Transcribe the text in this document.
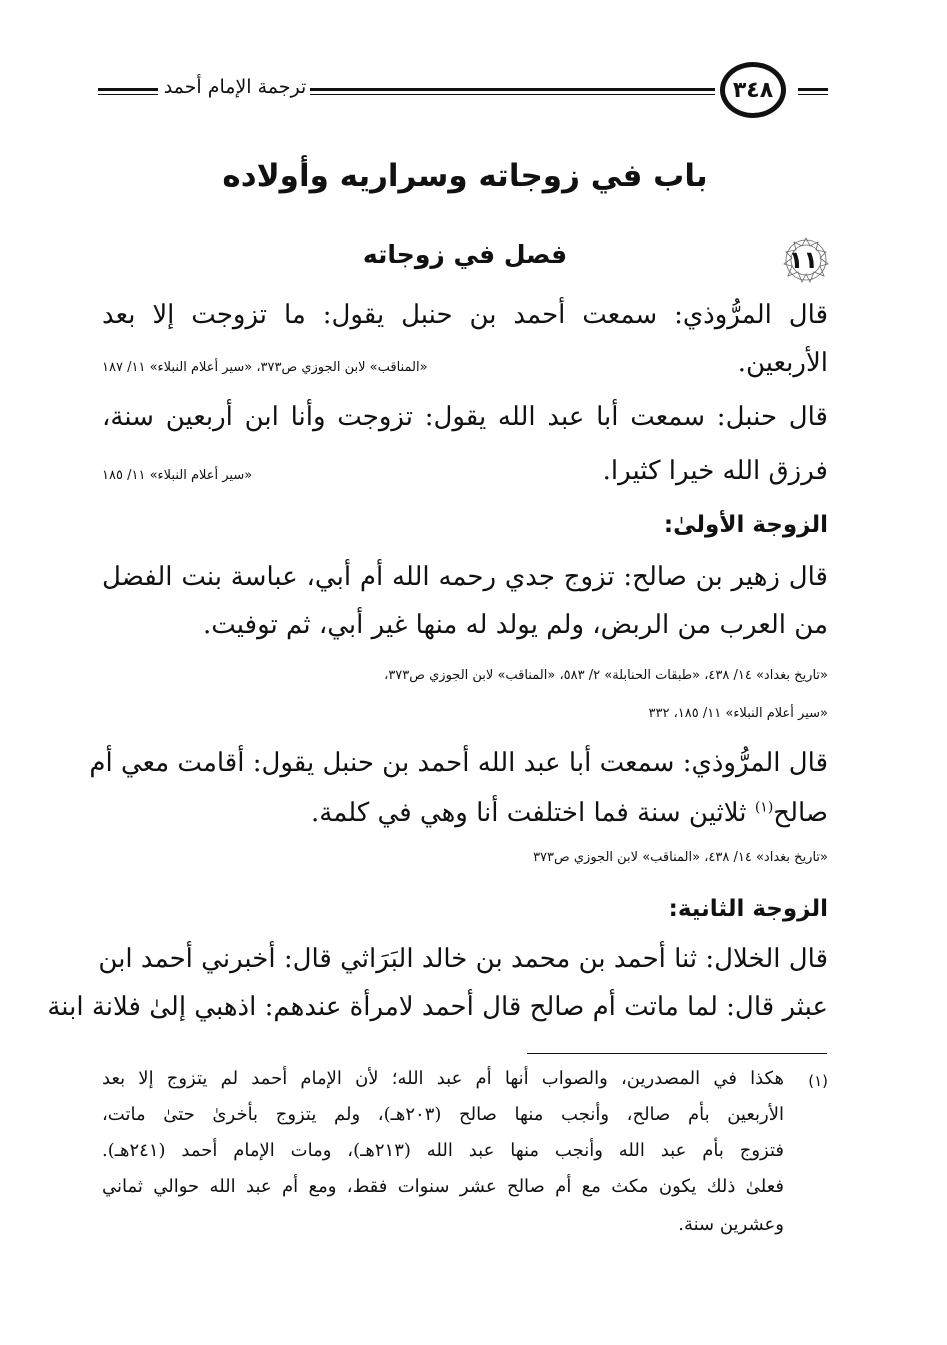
ترجمة الإمام أحمد	٣٤٨
باب في زوجاته وسراريه وأولاده
فصل في زوجاته	١١
قال المرُّوذي: سمعت أحمد بن حنبل يقول: ما تزوجت إلا بعد
الأربعين.
«المناقب» لابن الجوزي ص٣٧٣، «سير أعلام النبلاء» ١١/ ١٨٧
قال حنبل: سمعت أبا عبد الله يقول: تزوجت وأنا ابن أربعين سنة،
فرزق الله خيرا كثيرا.
«سير أعلام النبلاء» ١١/ ١٨٥
الزوجة الأولىٰ:
قال زهير بن صالح: تزوج جدي رحمه الله أم أبي، عباسة بنت الفضل
من العرب من الربض، ولم يولد له منها غير أبي، ثم توفيت.
«تاريخ بغداد» ١٤/ ٤٣٨، «طبقات الحنابلة» ٢/ ٥٨٣، «المناقب» لابن الجوزي ص٣٧٣،
«سير أعلام النبلاء» ١١/ ١٨٥، ٣٣٢
قال المرُّوذي: سمعت أبا عبد الله أحمد بن حنبل يقول: أقامت معي أم
صالح$^{(١)}$ ثلاثين سنة فما اختلفت أنا وهي في كلمة.
«تاريخ بغداد» ١٤/ ٤٣٨، «المناقب» لابن الجوزي ص٣٧٣
الزوجة الثانية:
قال الخلال: ثنا أحمد بن محمد بن خالد البَرَاثي قال: أخبرني أحمد ابن
عبثر قال: لما ماتت أم صالح قال أحمد لامرأة عندهم: اذهبي إلىٰ فلانة ابنة
(١)
هكذا في المصدرين، والصواب أنها أم عبد الله؛ لأن الإمام أحمد لم يتزوج إلا بعد
الأربعين بأم صالح، وأنجب منها صالح (٢٠٣هـ)، ولم يتزوج بأخرىٰ حتىٰ ماتت،
فتزوج بأم عبد الله وأنجب منها عبد الله (٢١٣هـ)، ومات الإمام أحمد (٢٤١هـ).
فعلىٰ ذلك يكون مكث مع أم صالح عشر سنوات فقط، ومع أم عبد الله حوالي ثماني
وعشرين سنة.
